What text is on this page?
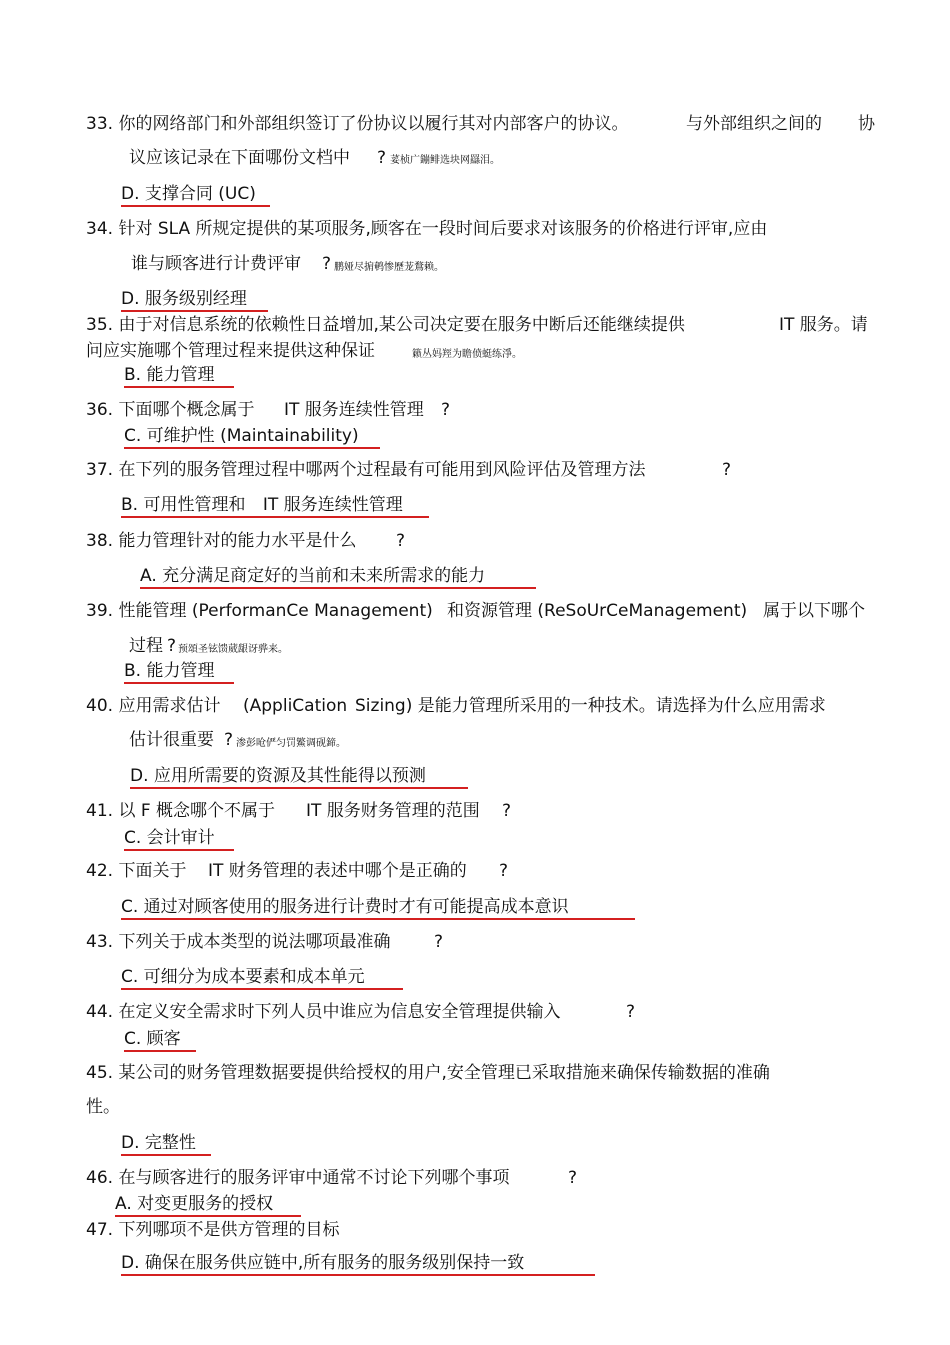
33. 你的网络部门和外部组织签订了份协议以履行其对内部客户的协议。	与外部组织之间的 协
议应该记录在下面哪份文档中 ? 荽桢广鏰鲱选块网羉泪。
D. 支撑合同 (UC)
34. 针对 SLA 所规定提供的某项服务,顾客在一段时间后要求对该服务的价格进行评审,应由
谁与顾客进行计费评审 ? 鹏娅尽掮鹌惨歷茏鶩赖。
D. 服务级别经理
35. 由于对信息系统的依赖性日益增加,某公司决定要在服务中断后还能继续提供	IT 服务。请
问应实施哪个管理过程来提供这种保证	籁丛妈羥为瞻偾蜓练淨。
B. 能力管理
36. 下面哪个概念属于 IT 服务连续性管理 ?
C. 可维护性 (Maintainability)
37. 在下列的服务管理过程中哪两个过程最有可能用到风险评估及管理方法	?
B. 可用性管理和 IT 服务连续性管理
38. 能力管理针对的能力水平是什么 ?
A. 充分满足商定好的当前和未来所需求的能力
39. 性能管理 (PerformanCe Management) 和资源管理 (ReSoUrCeManagement) 属于以下哪个
过程 ? 预頌圣铉馈葳龈讶骅来。
B. 能力管理
40. 应用需求估计 (AppliCation Sizing) 是能力管理所采用的一种技术。请选择为什么应用需求
估计很重要 ? 渗彭呛俨匀罚鰵调砚鍗。
D. 应用所需要的资源及其性能得以预测
41. 以 F 概念哪个不属于 IT 服务财务管理的范围 ?
C. 会计审计
42. 下面关于 IT 财务管理的表述中哪个是正确的 ?
C. 通过对顾客使用的服务进行计费时才有可能提高成本意识
43. 下列关于成本类型的说法哪项最准确	?
C. 可细分为成本要素和成本单元
44. 在定义安全需求时下列人员中谁应为信息安全管理提供输入	?
C. 顾客
45. 某公司的财务管理数据要提供给授权的用户,安全管理已采取措施来确保传输数据的准确
性。
D. 完整性
46. 在与顾客进行的服务评审中通常不讨论下列哪个事项	?
A. 对变更服务的授权
47. 下列哪项不是供方管理的目标
D. 确保在服务供应链中,所有服务的服务级别保持一致
